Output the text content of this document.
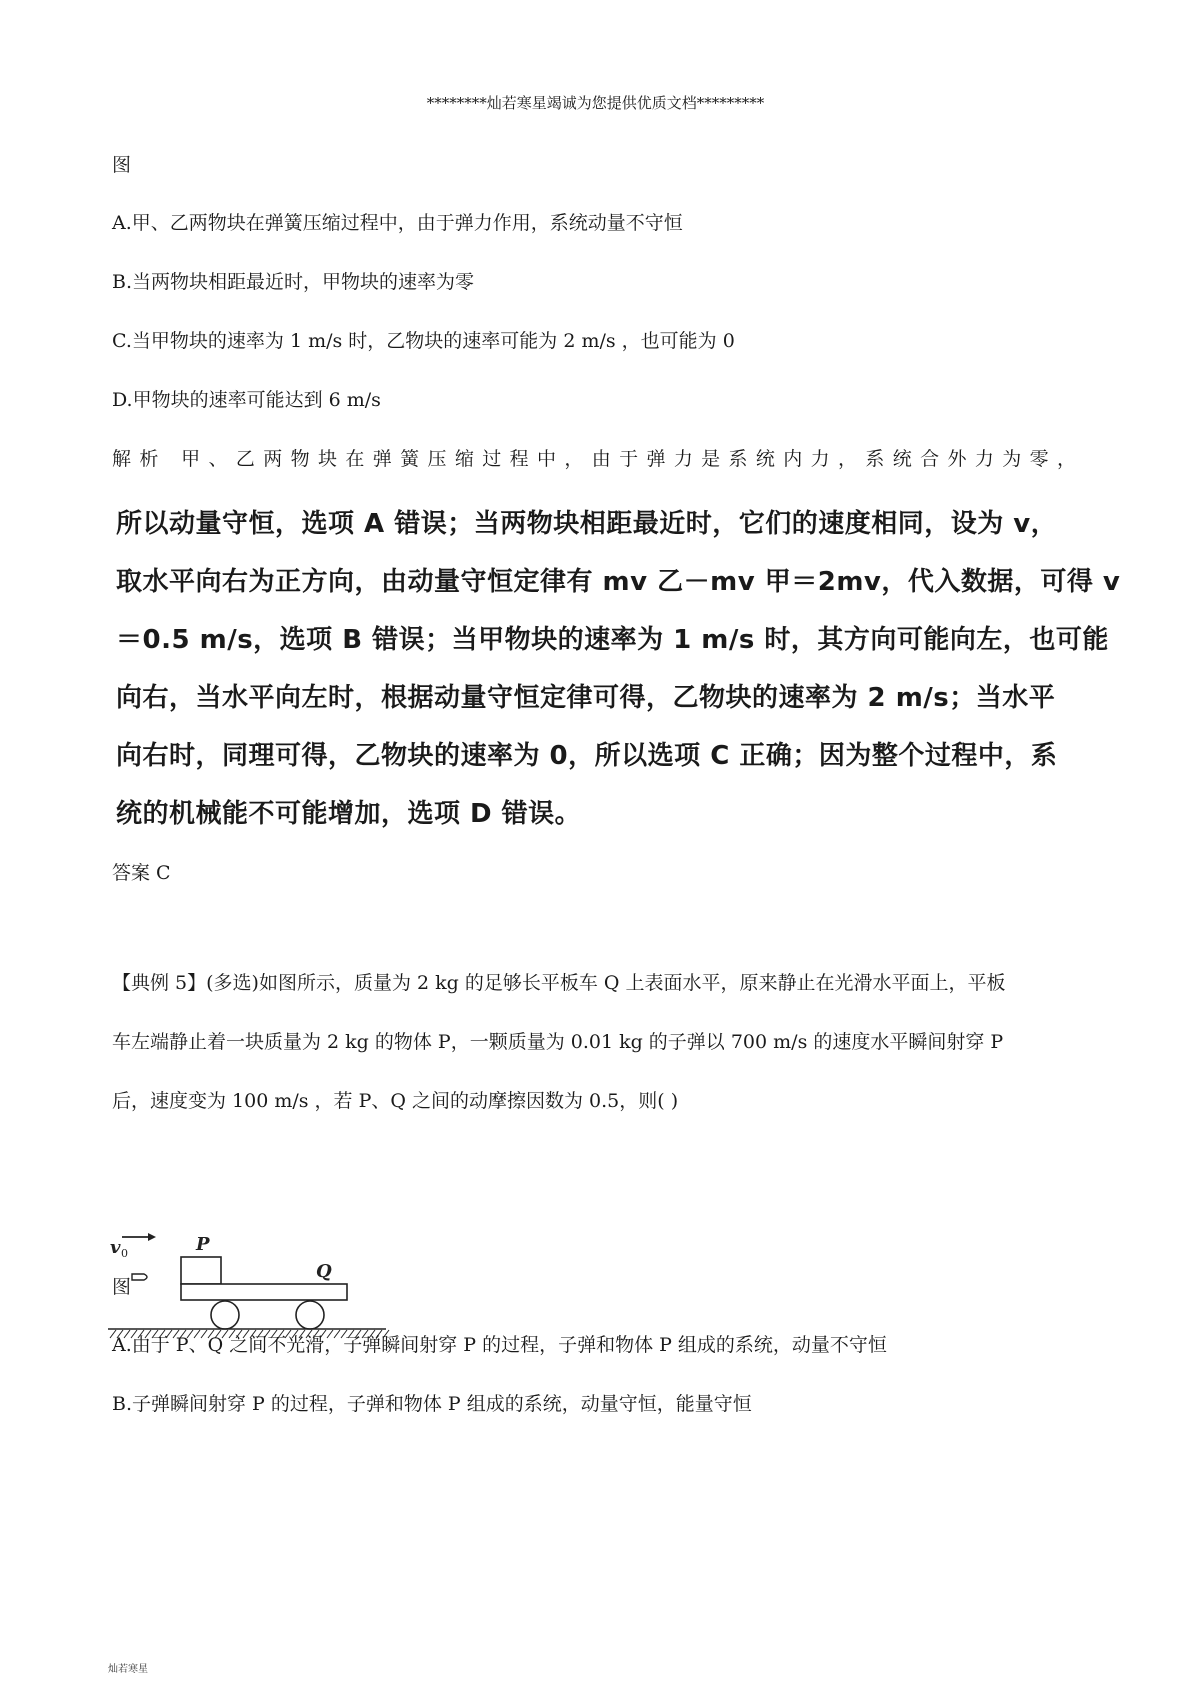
********灿若寒星竭诚为您提供优质文档*********
图
A.甲、乙两物块在弹簧压缩过程中，由于弹力作用，系统动量不守恒
B.当两物块相距最近时，甲物块的速率为零
C.当甲物块的速率为 1 m/s 时，乙物块的速率可能为 2 m/s ，也可能为 0
D.甲物块的速率可能达到 6 m/s
解析 甲、乙两物块在弹簧压缩过程中，由于弹力是系统内力，系统合外力为零，
所以动量守恒，选项 A 错误；当两物块相距最近时，它们的速度相同，设为 v，
取水平向右为正方向，由动量守恒定律有 mv 乙－mv 甲＝2mv，代入数据，可得 v
＝0.5 m/s，选项 B 错误；当甲物块的速率为 1 m/s 时，其方向可能向左，也可能
向右，当水平向左时，根据动量守恒定律可得，乙物块的速率为 2 m/s；当水平
向右时，同理可得，乙物块的速率为 0，所以选项 C 正确；因为整个过程中，系
统的机械能不可能增加，选项 D 错误。
答案 C
【典例 5】(多选)如图所示，质量为 2 kg 的足够长平板车 Q 上表面水平，原来静止在光滑水平面上，平板
车左端静止着一块质量为 2 kg 的物体 P，一颗质量为 0.01 kg 的子弹以 700 m/s 的速度水平瞬间射穿 P
后，速度变为 100 m/s ，若 P、Q 之间的动摩擦因数为 0.5，则( )
v 0	P
Q
图
A.由于 P、Q 之间不光滑，子弹瞬间射穿 P 的过程，子弹和物体 P 组成的系统，动量不守恒
B.子弹瞬间射穿 P 的过程，子弹和物体 P 组成的系统，动量守恒，能量守恒
灿若寒星
